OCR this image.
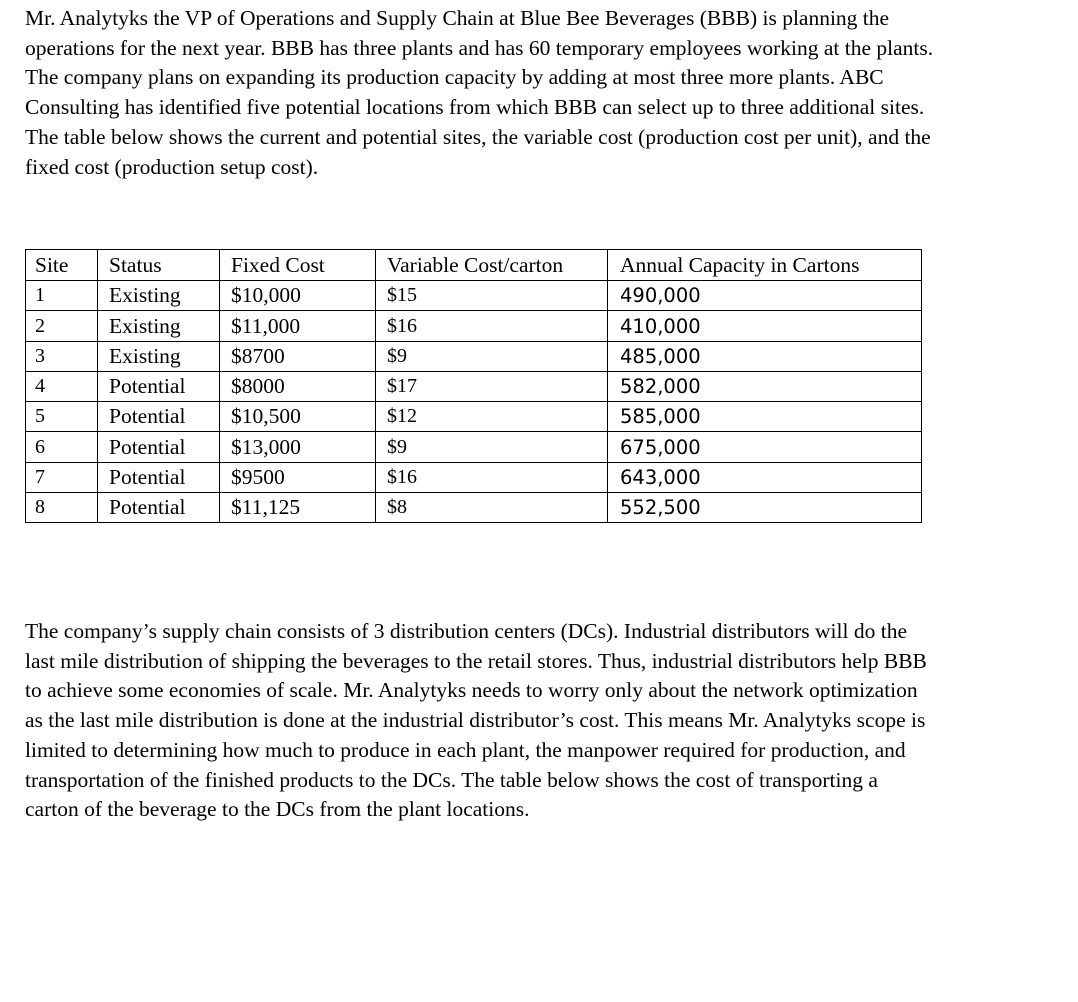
Mr. Analytyks the VP of Operations and Supply Chain at Blue Bee Beverages (BBB) is planning the
operations for the next year. BBB has three plants and has 60 temporary employees working at the plants.
The company plans on expanding its production capacity by adding at most three more plants. ABC
Consulting has identified five potential locations from which BBB can select up to three additional sites.
The table below shows the current and potential sites, the variable cost (production cost per unit), and the
fixed cost (production setup cost).

Site	Status	Fixed Cost	Variable Cost/carton	Annual Capacity in Cartons
1	Existing	$10,000	$15	490,000
2	Existing	$11,000	$16	410,000
3	Existing	$8700	$9	485,000
4	Potential	$8000	$17	582,000
5	Potential	$10,500	$12	585,000
6	Potential	$13,000	$9	675,000
7	Potential	$9500	$16	643,000
8	Potential	$11,125	$8	552,500

The company’s supply chain consists of 3 distribution centers (DCs). Industrial distributors will do the
last mile distribution of shipping the beverages to the retail stores. Thus, industrial distributors help BBB
to achieve some economies of scale. Mr. Analytyks needs to worry only about the network optimization
as the last mile distribution is done at the industrial distributor’s cost. This means Mr. Analytyks scope is
limited to determining how much to produce in each plant, the manpower required for production, and
transportation of the finished products to the DCs. The table below shows the cost of transporting a
carton of the beverage to the DCs from the plant locations.
